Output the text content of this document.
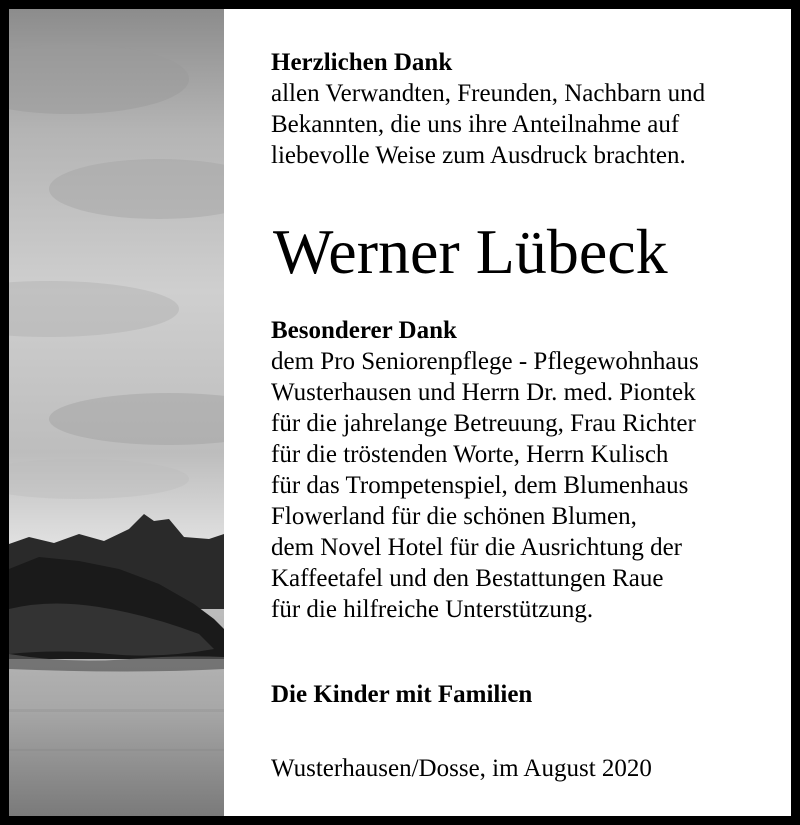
Herzlichen Dank

allen Verwandten, Freunden, Nachbarn und
Bekannten, die uns ihre Anteilnahme auf
liebevolle Weise zum Ausdruck brachten.

Werner Lübeck

Besonderer Dank

dem Pro Seniorenpflege - Pflegewohnhaus
Wusterhausen und Herrn Dr. med. Piontek
für die jahrelange Betreuung, Frau Richter
für die tröstenden Worte, Herrn Kulisch
für das Trompetenspiel, dem Blumenhaus
Flowerland für die schönen Blumen,
dem Novel Hotel für die Ausrichtung der
Kaffeetafel und den Bestattungen Raue
für die hilfreiche Unterstützung.

Die Kinder mit Familien

Wusterhausen/Dosse, im August 2020
